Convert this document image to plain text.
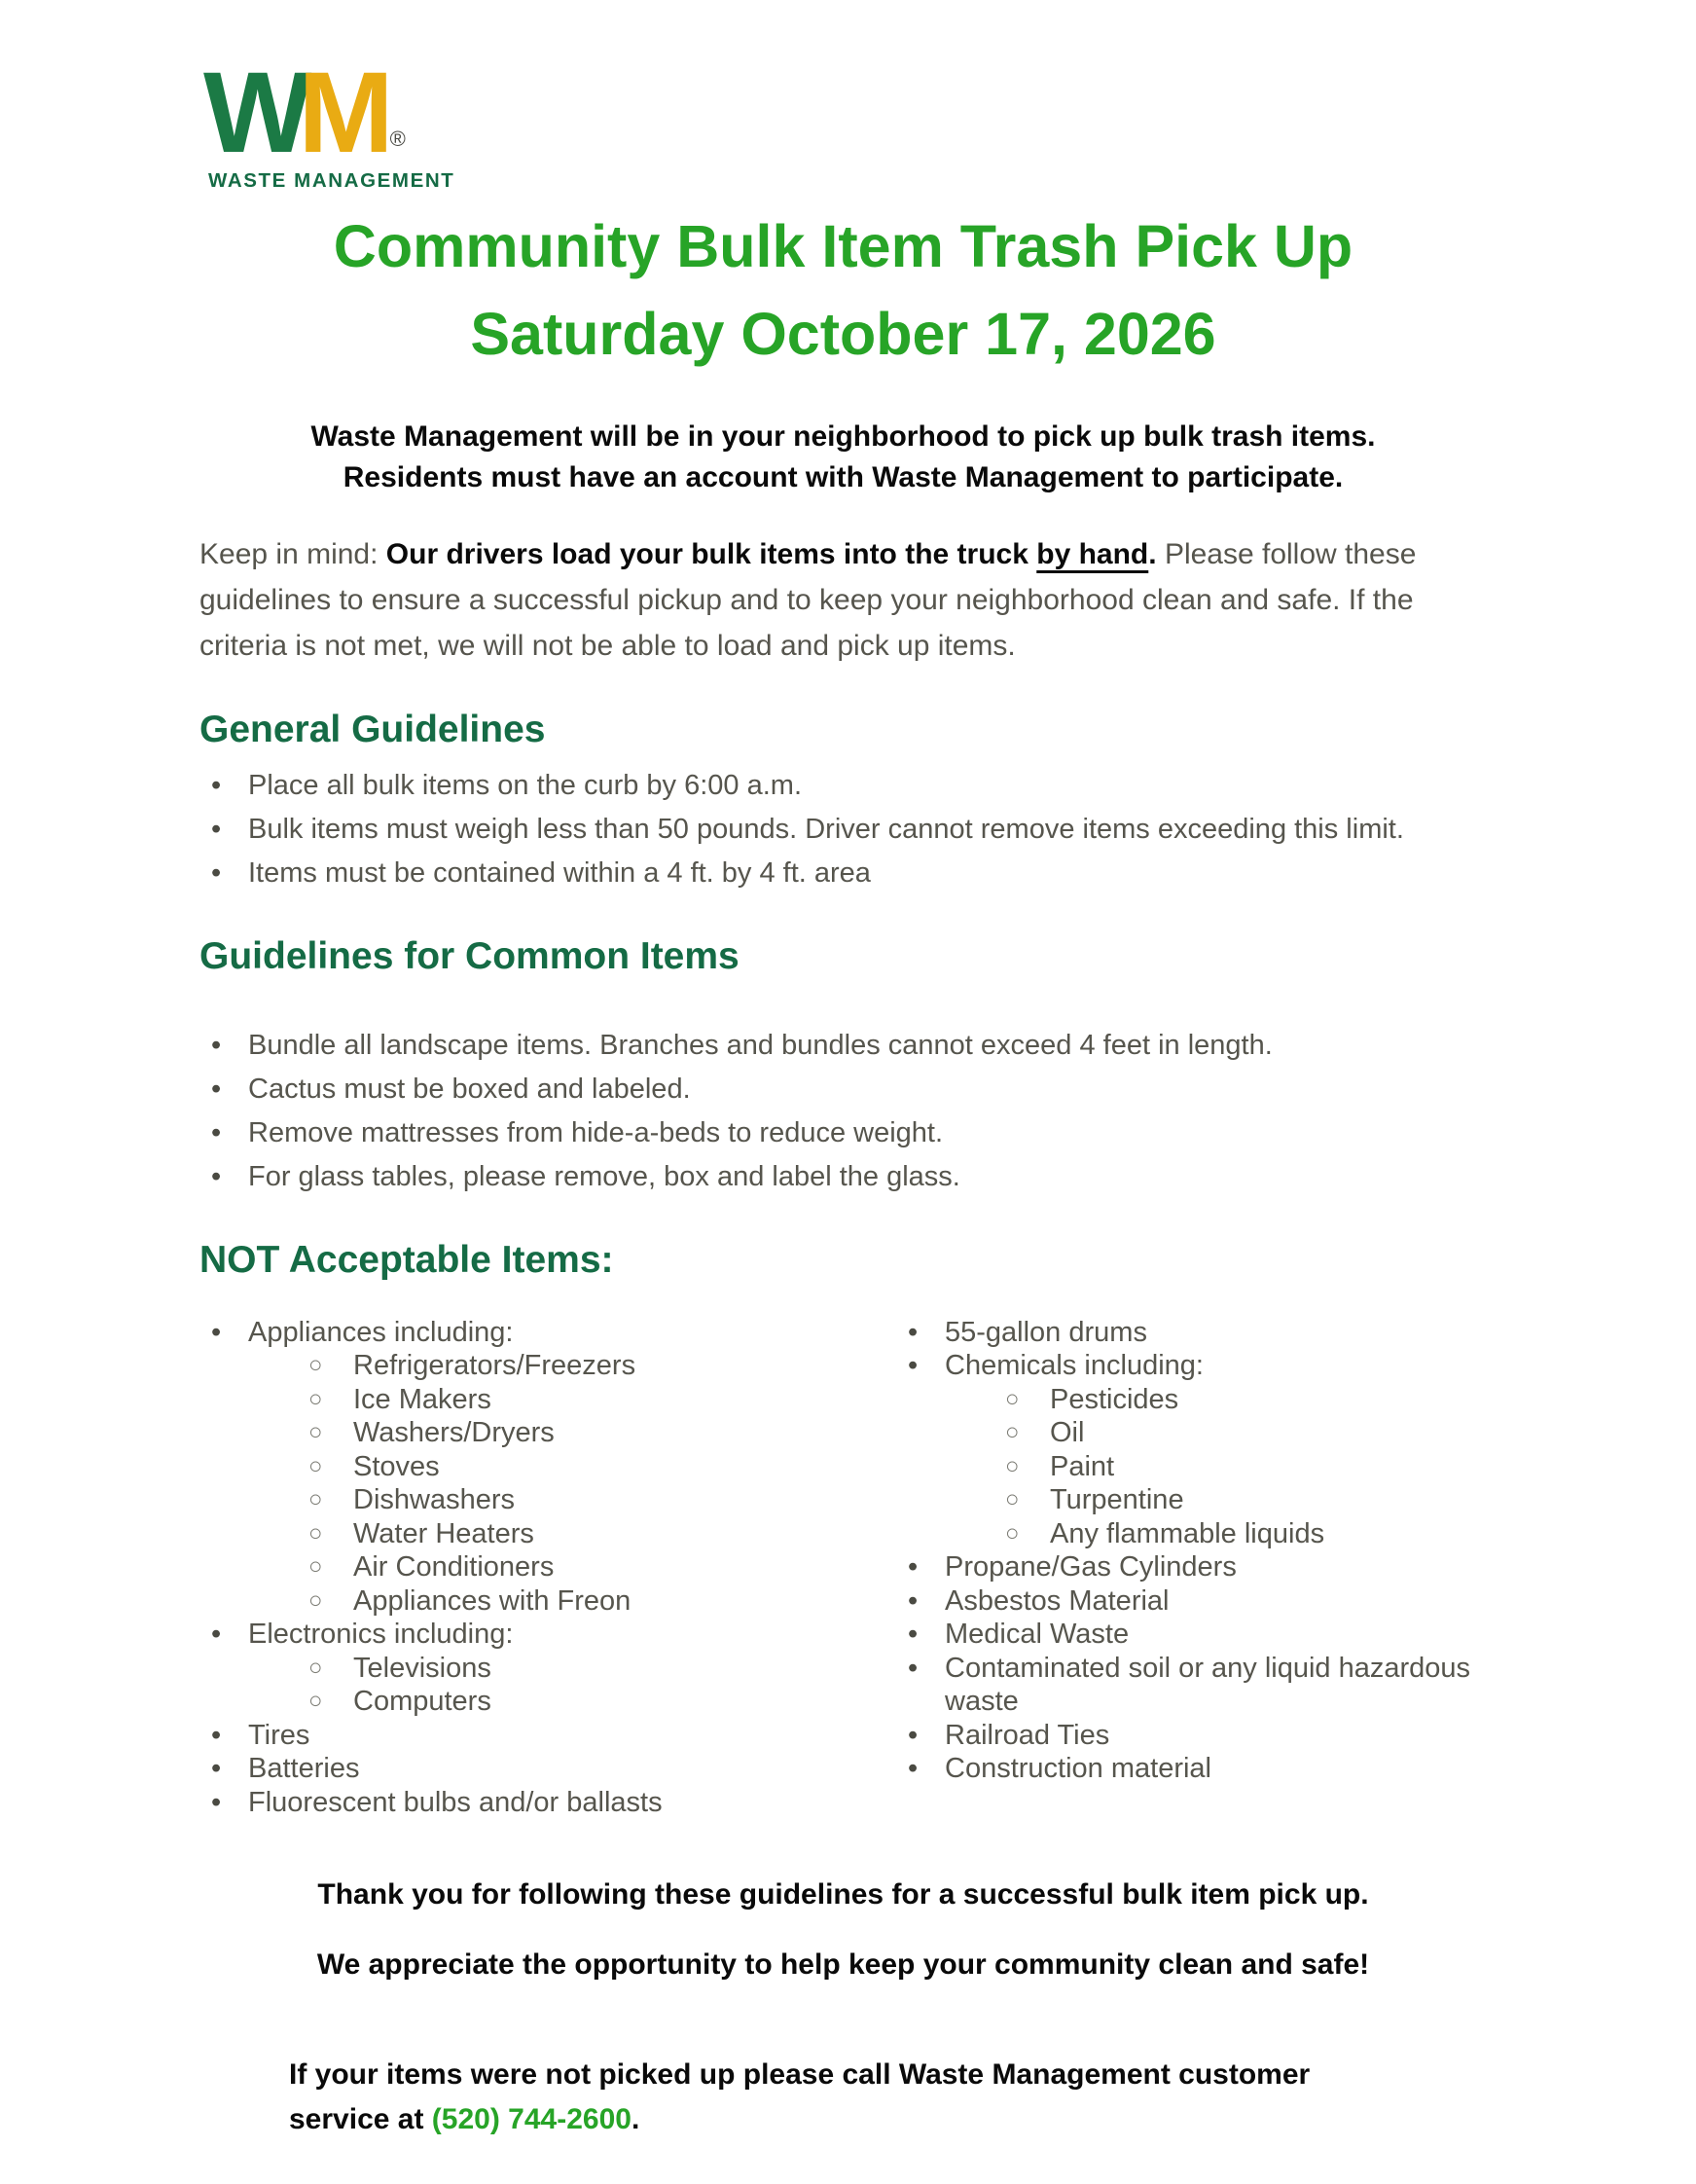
WM ®
WASTE MANAGEMENT
Community Bulk Item Trash Pick Up
Saturday October 17, 2026

Waste Management will be in your neighborhood to pick up bulk trash items.
Residents must have an account with Waste Management to participate.

Keep in mind: Our drivers load your bulk items into the truck by hand. Please follow these guidelines to ensure a successful pickup and to keep your neighborhood clean and safe. If the criteria is not met, we will not be able to load and pick up items.

General Guidelines
• Place all bulk items on the curb by 6:00 a.m.
• Bulk items must weigh less than 50 pounds. Driver cannot remove items exceeding this limit.
• Items must be contained within a 4 ft. by 4 ft. area
Guidelines for Common Items
• Bundle all landscape items. Branches and bundles cannot exceed 4 feet in length.
• Cactus must be boxed and labeled.
• Remove mattresses from hide-a-beds to reduce weight.
• For glass tables, please remove, box and label the glass.
NOT Acceptable Items:
• Appliances including:
○ Refrigerators/Freezers
○ Ice Makers
○ Washers/Dryers
○ Stoves
○ Dishwashers
○ Water Heaters
○ Air Conditioners
○ Appliances with Freon
• Electronics including:
○ Televisions
○ Computers
• Tires
• Batteries
• Fluorescent bulbs and/or ballasts
• 55-gallon drums
• Chemicals including:
○ Pesticides
○ Oil
○ Paint
○ Turpentine
○ Any flammable liquids
• Propane/Gas Cylinders
• Asbestos Material
• Medical Waste
• Contaminated soil or any liquid hazardous waste
• Railroad Ties
• Construction material

Thank you for following these guidelines for a successful bulk item pick up.

We appreciate the opportunity to help keep your community clean and safe!

If your items were not picked up please call Waste Management customer
service at (520) 744-2600.
